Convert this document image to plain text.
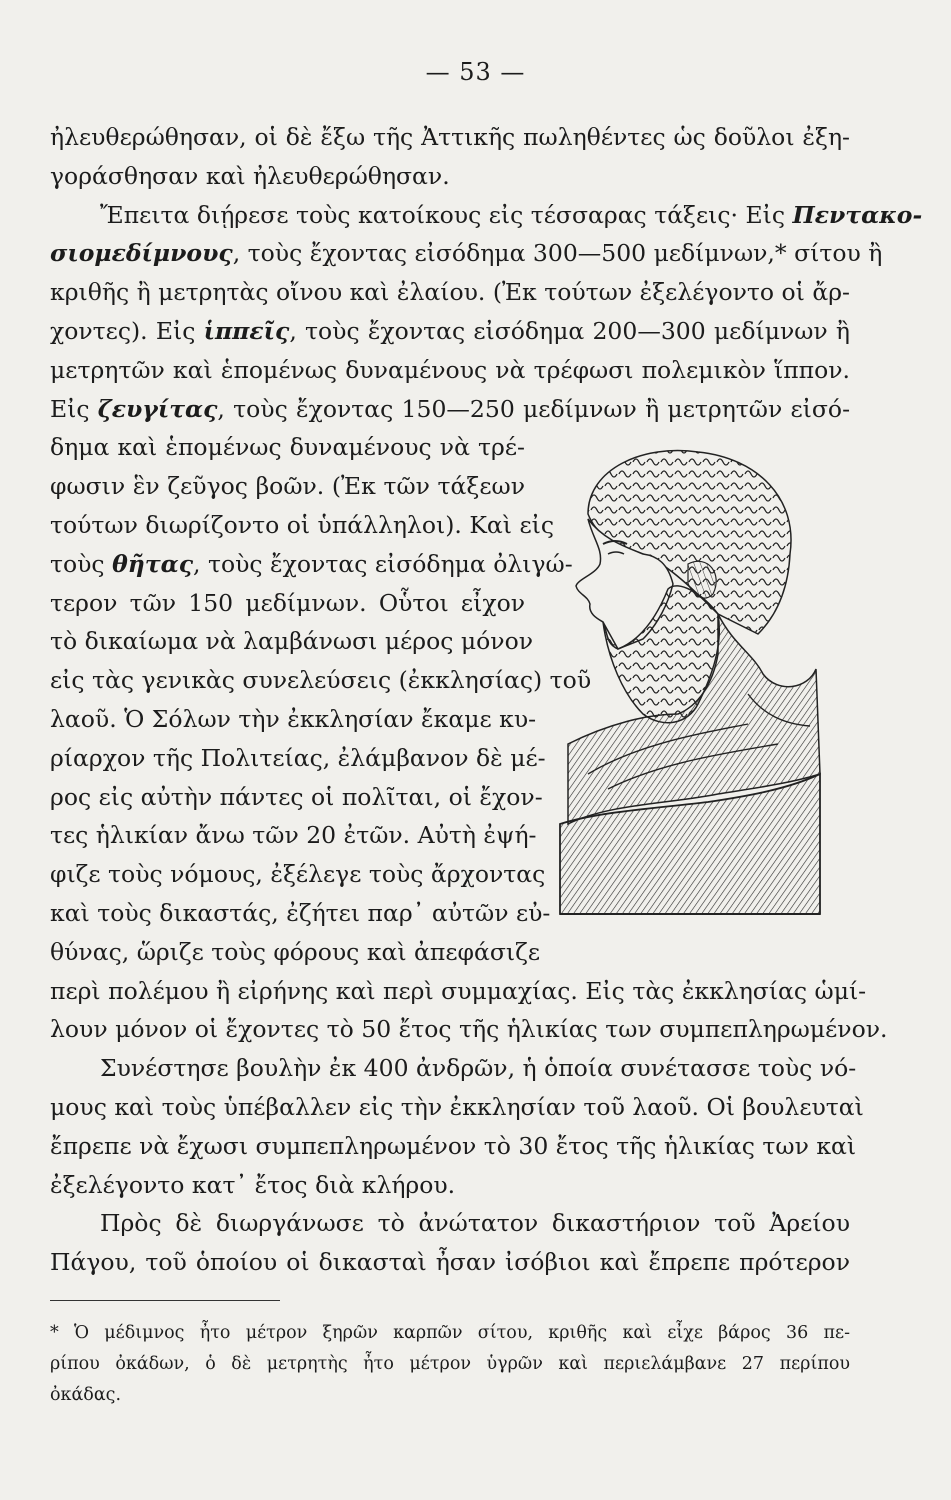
— 53 —

ἠλευθερώθησαν, οἱ δὲ ἔξω τῆς Ἀττικῆς πωληθέντες ὡς δοῦλοι ἐξη-
γοράσθησαν καὶ ἠλευθερώθησαν.

Ἔπειτα διῄρεσε τοὺς κατοίκους εἰς τέσσαρας τάξεις· Εἰς Πεντακο-
σιομεδίμνους, τοὺς ἔχοντας εἰσόδημα 300—500 μεδίμνων,* σίτου ἢ
κριθῆς ἢ μετρητὰς οἴνου καὶ ἐλαίου. (Ἐκ τούτων ἐξελέγοντο οἱ ἄρ-
χοντες). Εἰς ἱππεῖς, τοὺς ἔχοντας εἰσόδημα 200—300 μεδίμνων ἢ
μετρητῶν καὶ ἑπομένως δυναμένους νὰ τρέφωσι πολεμικὸν ἵππον.
Εἰς ζευγίτας, τοὺς ἔχοντας 150—250 μεδίμνων ἢ μετρητῶν εἰσό-
δημα καὶ ἑπομένως δυναμένους νὰ τρέ-
φωσιν ἓν ζεῦγος βοῶν. (Ἐκ τῶν τάξεων
τούτων διωρίζοντο οἱ ὑπάλληλοι). Καὶ εἰς
τοὺς θῆτας, τοὺς ἔχοντας εἰσόδημα ὀλιγώ-
τερον τῶν 150 μεδίμνων. Οὗτοι εἶχον
τὸ δικαίωμα νὰ λαμβάνωσι μέρος μόνον
εἰς τὰς γενικὰς συνελεύσεις (ἐκκλησίας) τοῦ
λαοῦ. Ὁ Σόλων τὴν ἐκκλησίαν ἔκαμε κυ-
ρίαρχον τῆς Πολιτείας, ἐλάμβανον δὲ μέ-
ρος εἰς αὐτὴν πάντες οἱ πολῖται, οἱ ἔχον-
τες ἡλικίαν ἄνω τῶν 20 ἐτῶν. Αὐτὴ ἐψή-
φιζε τοὺς νόμους, ἐξέλεγε τοὺς ἄρχοντας
καὶ τοὺς δικαστάς, ἐζήτει παρ᾿ αὐτῶν εὐ-
θύνας, ὥριζε τοὺς φόρους καὶ ἀπεφάσιζε
περὶ πολέμου ἢ εἰρήνης καὶ περὶ συμμαχίας. Εἰς τὰς ἐκκλησίας ὡμί-
λουν μόνον οἱ ἔχοντες τὸ 50 ἔτος τῆς ἡλικίας των συμπεπληρωμένον.

Συνέστησε βουλὴν ἐκ 400 ἀνδρῶν, ἡ ὁποία συνέτασσε τοὺς νό-
μους καὶ τοὺς ὑπέβαλλεν εἰς τὴν ἐκκλησίαν τοῦ λαοῦ. Οἱ βουλευταὶ
ἔπρεπε νὰ ἔχωσι συμπεπληρωμένον τὸ 30 ἔτος τῆς ἡλικίας των καὶ
ἐξελέγοντο κατ᾿ ἔτος διὰ κλήρου.

Πρὸς δὲ διωργάνωσε τὸ ἀνώτατον δικαστήριον τοῦ Ἀρείου
Πάγου, τοῦ ὁποίου οἱ δικασταὶ ἦσαν ἰσόβιοι καὶ ἔπρεπε πρότερον

* Ὁ μέδιμνος ἦτο μέτρον ξηρῶν καρπῶν σίτου, κριθῆς καὶ εἶχε βάρος 36 πε-
ρίπου ὀκάδων, ὁ δὲ μετρητὴς ἦτο μέτρον ὑγρῶν καὶ περιελάμβανε 27 περίπου
ὀκάδας.
